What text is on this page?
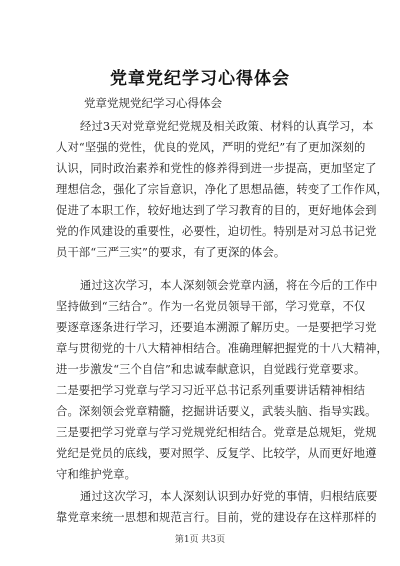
党章党纪学习心得体会
党章党规党纪学习心得体会
经过3天对党章党纪党规及相关政策、材料的认真学习，本
人对“坚强的党性，优良的党风，严明的党纪”有了更加深刻的
认识，同时政治素养和党性的修养得到进一步提高，更加坚定了
理想信念，强化了宗旨意识，净化了思想品德，转变了工作作风，
促进了本职工作，较好地达到了学习教育的目的，更好地体会到
党的作风建设的重要性，必要性，迫切性。特别是对习总书记党
员干部“三严三实”的要求，有了更深的体会。
通过这次学习，本人深刻领会党章内涵，将在今后的工作中
坚持做到“三结合”。作为一名党员领导干部，学习党章，不仅
要逐章逐条进行学习，还要追本溯源了解历史。一是要把学习党
章与贯彻党的十八大精神相结合。准确理解把握党的十八大精神，
进一步激发“三个自信”和忠诚奉献意识，自觉践行党章要求。
二是要把学习党章与学习习近平总书记系列重要讲话精神相结
合。深刻领会党章精髓，挖掘讲话要义，武装头脑、指导实践。
三是要把学习党章与学习党规党纪相结合。党章是总规矩，党规
党纪是党员的底线，要对照学、反复学、比较学，从而更好地遵
守和维护党章。
通过这次学习，本人深刻认识到办好党的事情，归根结底要
靠党章来统一思想和规范言行。目前，党的建设存在这样那样的
第1页 共3页
